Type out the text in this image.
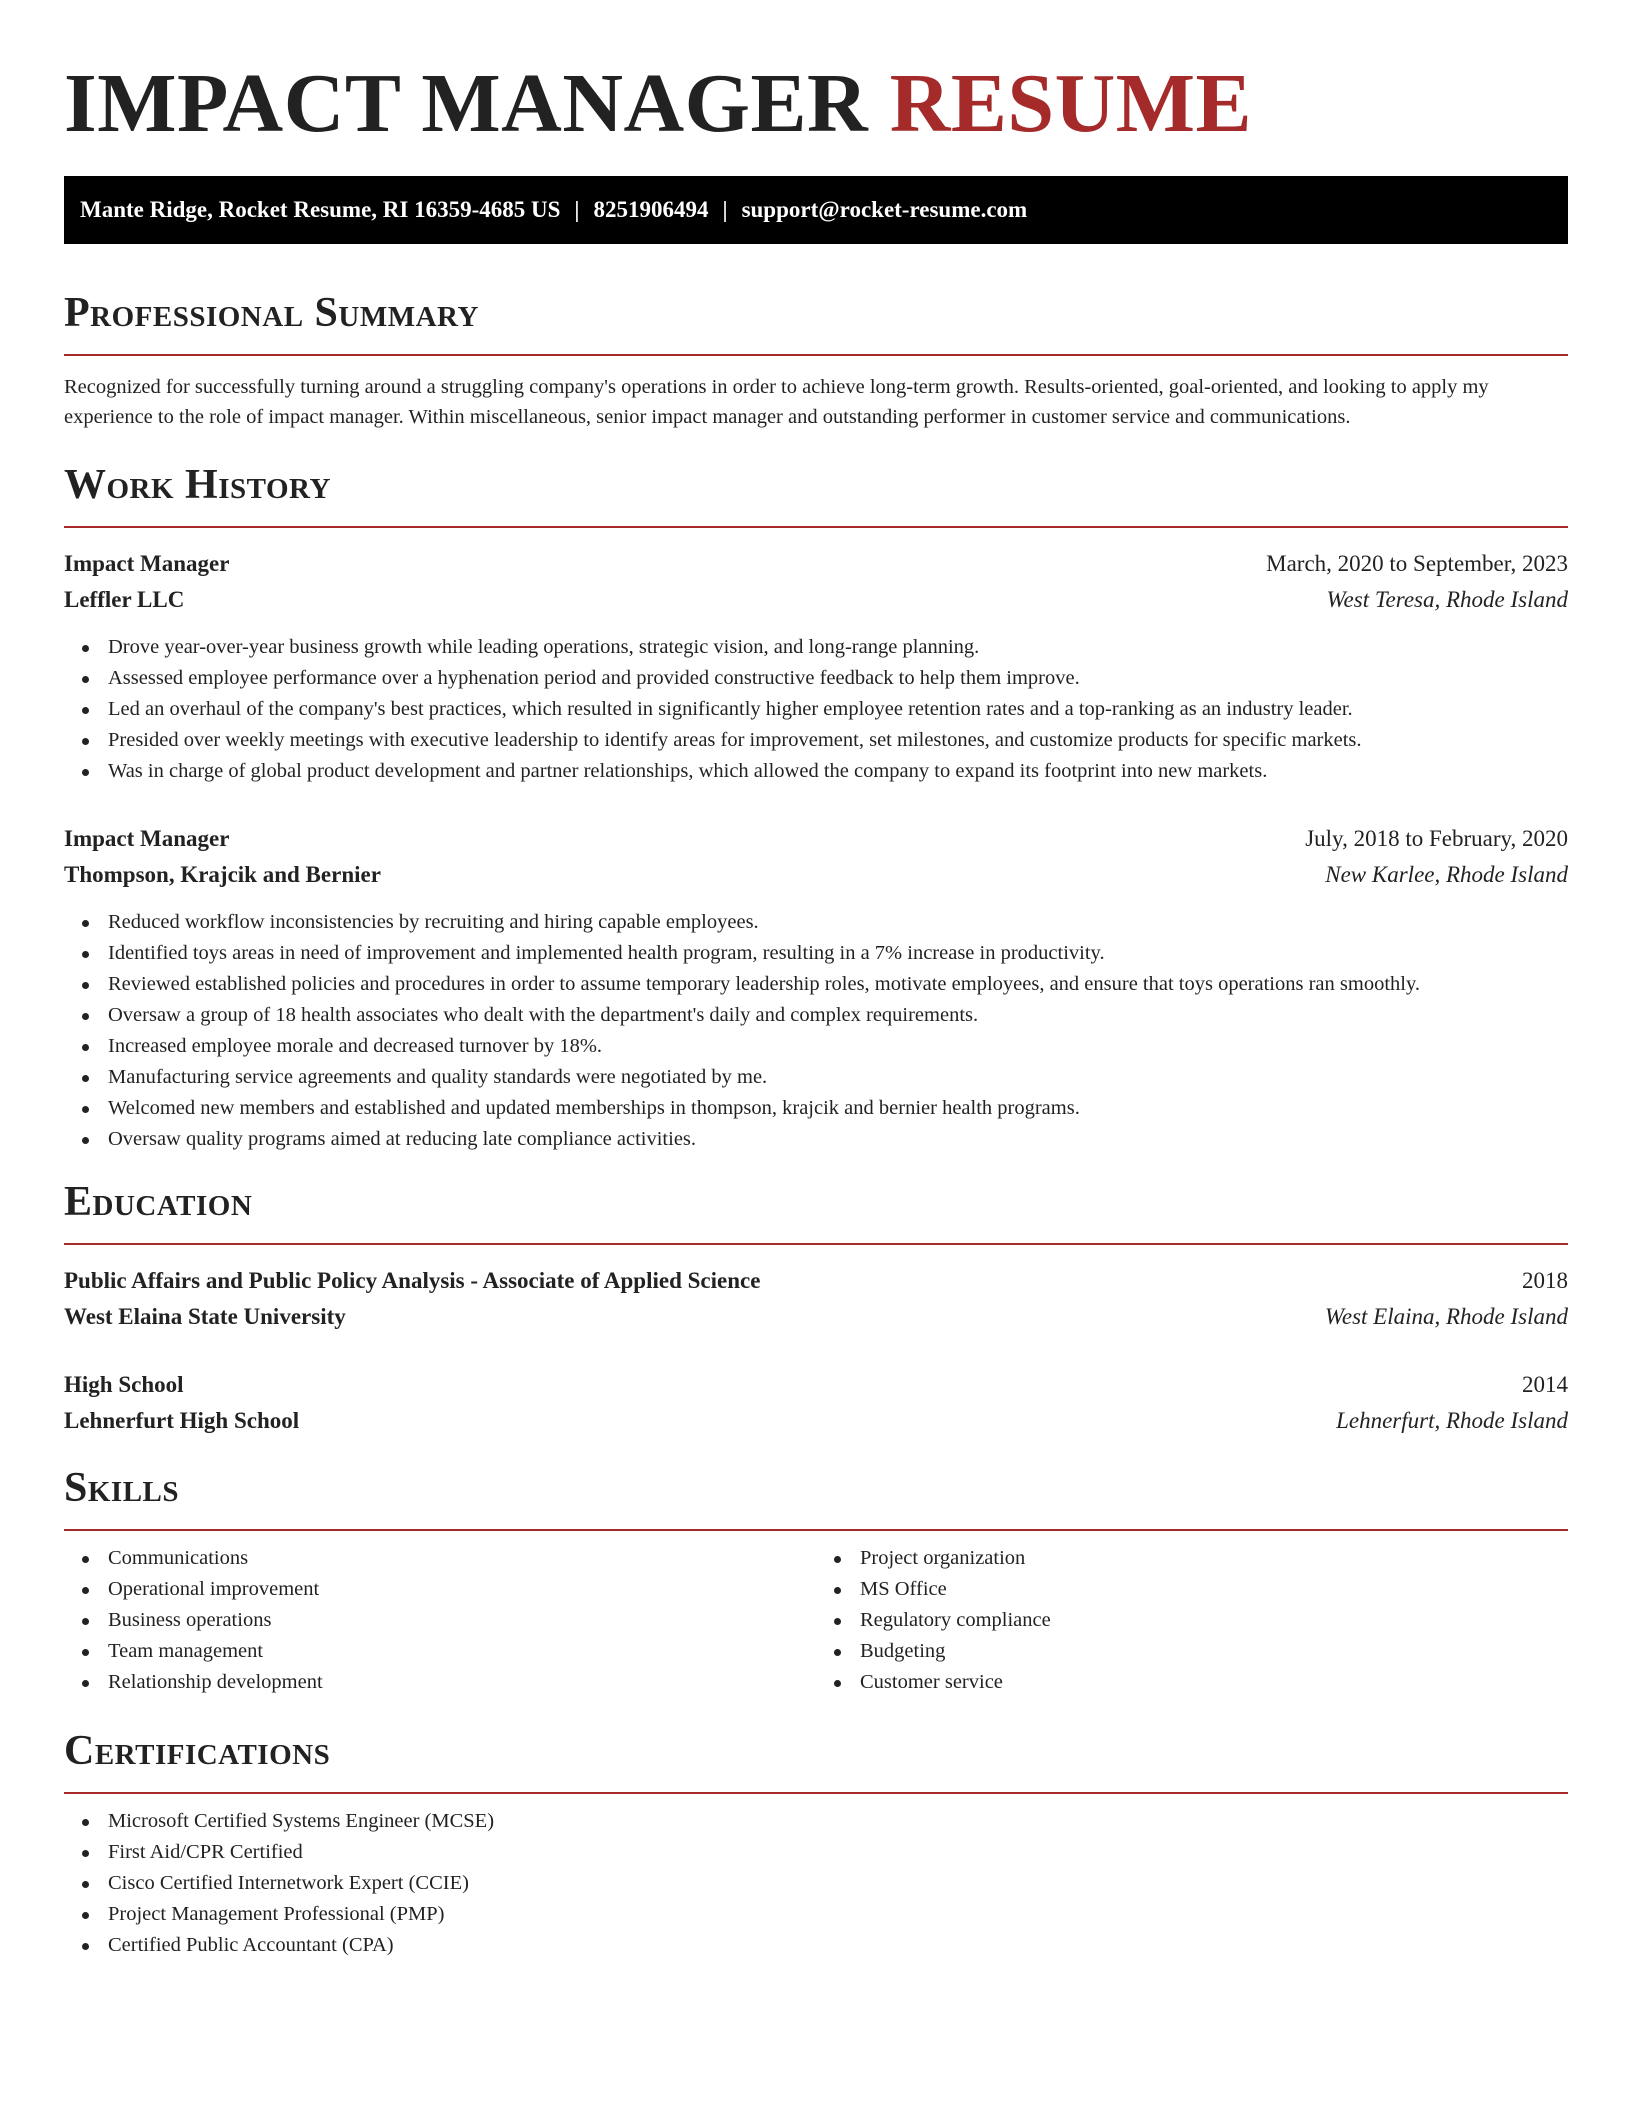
IMPACT MANAGER RESUME
Mante Ridge, Rocket Resume, RI 16359-4685 US | 8251906494 | support@rocket-resume.com
Professional Summary

Recognized for successfully turning around a struggling company's operations in order to achieve long-term growth. Results-oriented, goal-oriented, and looking to apply my experience to the role of impact manager. Within miscellaneous, senior impact manager and outstanding performer in customer service and communications.

Work History
Impact Manager	March, 2020 to September, 2023
Leffler LLC	West Teresa, Rhode Island
Drove year-over-year business growth while leading operations, strategic vision, and long-range planning.
Assessed employee performance over a hyphenation period and provided constructive feedback to help them improve.
Led an overhaul of the company's best practices, which resulted in significantly higher employee retention rates and a top-ranking as an industry leader.
Presided over weekly meetings with executive leadership to identify areas for improvement, set milestones, and customize products for specific markets.
Was in charge of global product development and partner relationships, which allowed the company to expand its footprint into new markets.
Impact Manager	July, 2018 to February, 2020
Thompson, Krajcik and Bernier	New Karlee, Rhode Island
Reduced workflow inconsistencies by recruiting and hiring capable employees.
Identified toys areas in need of improvement and implemented health program, resulting in a 7% increase in productivity.
Reviewed established policies and procedures in order to assume temporary leadership roles, motivate employees, and ensure that toys operations ran smoothly.
Oversaw a group of 18 health associates who dealt with the department's daily and complex requirements.
Increased employee morale and decreased turnover by 18%.
Manufacturing service agreements and quality standards were negotiated by me.
Welcomed new members and established and updated memberships in thompson, krajcik and bernier health programs.
Oversaw quality programs aimed at reducing late compliance activities.
Education
Public Affairs and Public Policy Analysis - Associate of Applied Science	2018
West Elaina State University	West Elaina, Rhode Island
High School	2014
Lehnerfurt High School	Lehnerfurt, Rhode Island
Skills
Communications
Operational improvement
Business operations
Team management
Relationship development
Project organization
MS Office
Regulatory compliance
Budgeting
Customer service
Certifications
Microsoft Certified Systems Engineer (MCSE)
First Aid/CPR Certified
Cisco Certified Internetwork Expert (CCIE)
Project Management Professional (PMP)
Certified Public Accountant (CPA)
